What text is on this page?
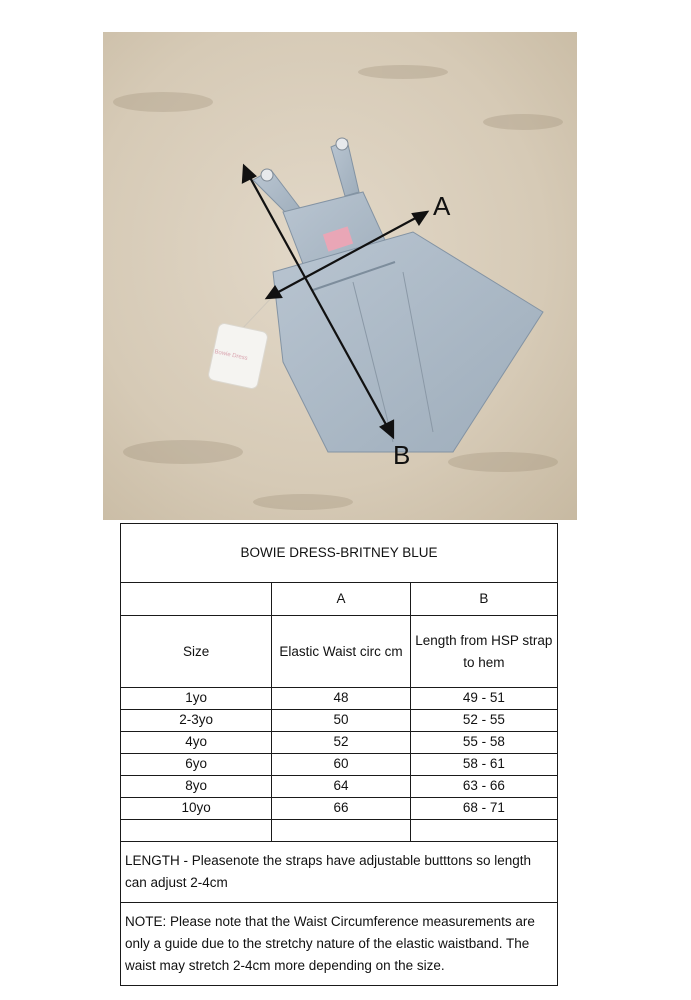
Bowie Dress
A
B
BOWIE DRESS-BRITNEY BLUE		
	A	B
Size	Elastic Waist circ cm	Length from HSP strap to hem
1yo	48	49 - 51
2-3yo	50	52 - 55
4yo	52	55 - 58
6yo	60	58 - 61
8yo	64	63 - 66
10yo	66	68 - 71

LENGTH - Pleasenote the straps have adjustable butttons so length can adjust 2-4cm		
NOTE: Please note that the Waist Circumference measurements are only a guide due to the stretchy nature of the elastic waistband. The waist may stretch 2-4cm more depending on the size.		
